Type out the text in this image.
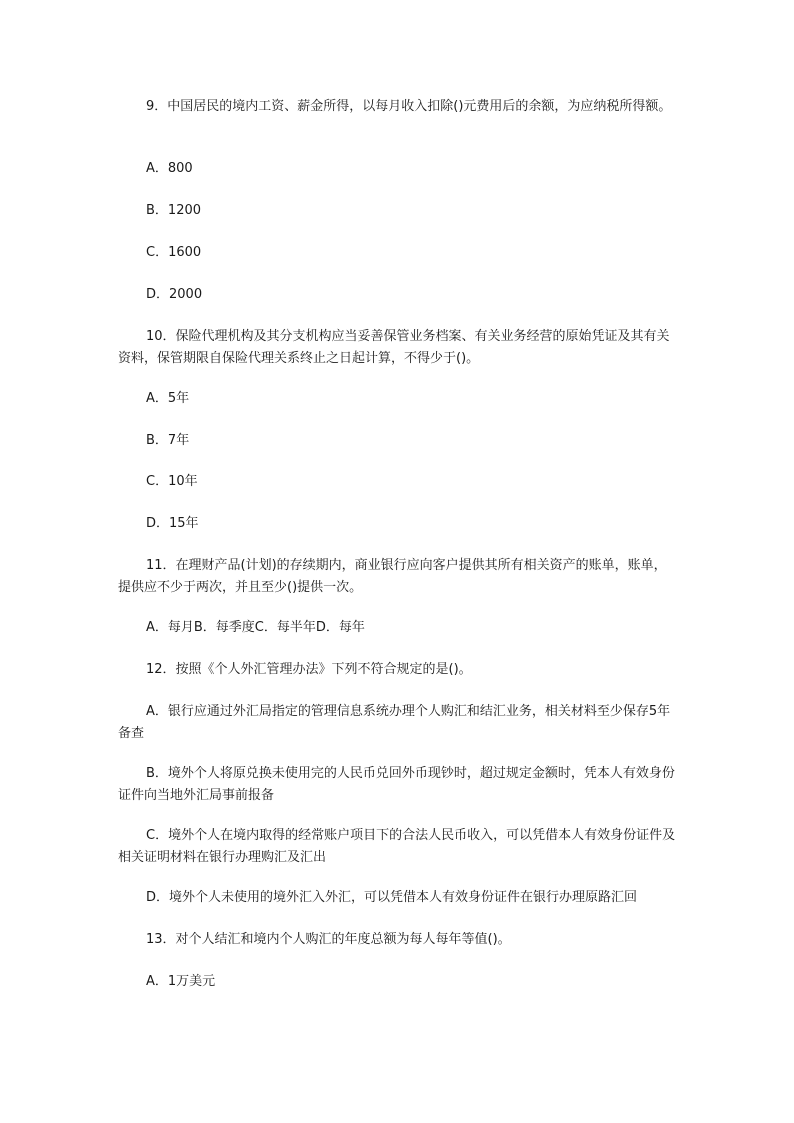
9．中国居民的境内工资、薪金所得，以每月收入扣除()元费用后的余额，为应纳税所得额。

A．800

B．1200

C．1600

D．2000

10．保险代理机构及其分支机构应当妥善保管业务档案、有关业务经营的原始凭证及其有关资料，保管期限自保险代理关系终止之日起计算，不得少于()。

A．5年

B．7年

C．10年

D．15年

11．在理财产品(计划)的存续期内，商业银行应向客户提供其所有相关资产的账单，账单，提供应不少于两次，并且至少()提供一次。

A．每月B．每季度C．每半年D．每年

12．按照《个人外汇管理办法》下列不符合规定的是()。

A．银行应通过外汇局指定的管理信息系统办理个人购汇和结汇业务，相关材料至少保存5年备查

B．境外个人将原兑换未使用完的人民币兑回外币现钞时，超过规定金额时，凭本人有效身份证件向当地外汇局事前报备

C．境外个人在境内取得的经常账户项目下的合法人民币收入，可以凭借本人有效身份证件及相关证明材料在银行办理购汇及汇出

D．境外个人未使用的境外汇入外汇，可以凭借本人有效身份证件在银行办理原路汇回

13．对个人结汇和境内个人购汇的年度总额为每人每年等值()。

A．1万美元
